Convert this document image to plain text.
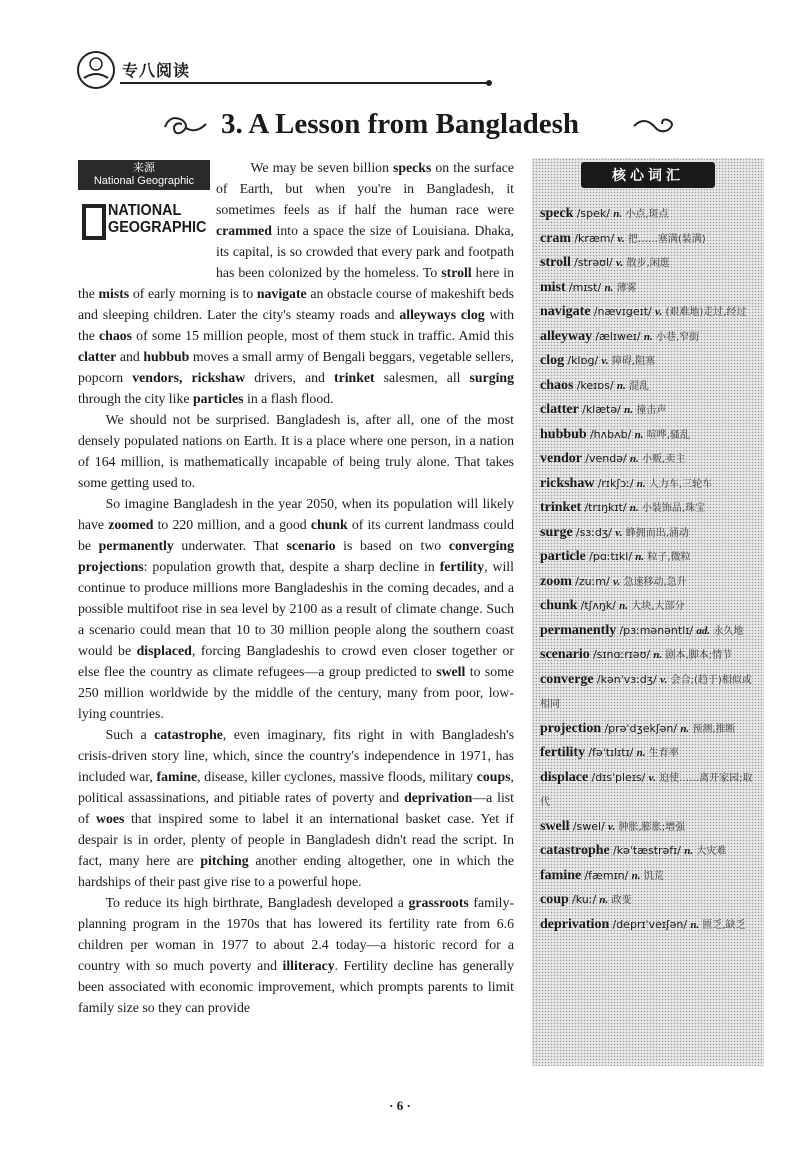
专八阅读
3. A Lesson from Bangladesh

We may be seven billion specks on the surface of Earth, but when you're in Bangladesh, it sometimes feels as if half the human race were crammed into a space the size of Louisiana. Dhaka, its capital, is so crowded that every park and footpath has been colonized by the homeless. To stroll here in the mists of early morning is to navigate an obstacle course of makeshift beds and sleeping children. Later the city's steamy roads and alleyways clog with the chaos of some 15 million people, most of them stuck in traffic. Amid this clatter and hubbub moves a small army of Bengali beggars, vegetable sellers, popcorn vendors, rickshaw drivers, and trinket salesmen, all surging through the city like particles in a flash flood.

We should not be surprised. Bangladesh is, after all, one of the most densely populated nations on Earth. It is a place where one person, in a nation of 164 million, is mathematically incapable of being truly alone. That takes some getting used to.

So imagine Bangladesh in the year 2050, when its population will likely have zoomed to 220 million, and a good chunk of its current landmass could be permanently underwater. That scenario is based on two converging projections: population growth that, despite a sharp decline in fertility, will continue to produce millions more Bangladeshis in the coming decades, and a possible multifoot rise in sea level by 2100 as a result of climate change. Such a scenario could mean that 10 to 30 million people along the southern coast would be displaced, forcing Bangladeshis to crowd even closer together or else flee the country as climate refugees—a group predicted to swell to some 250 million worldwide by the middle of the century, many from poor, low-lying countries.

Such a catastrophe, even imaginary, fits right in with Bangladesh's crisis-driven story line, which, since the country's independence in 1971, has included war, famine, disease, killer cyclones, massive floods, military coups, political assassinations, and pitiable rates of poverty and deprivation—a list of woes that inspired some to label it an international basket case. Yet if despair is in order, plenty of people in Bangladesh didn't read the script. In fact, many here are pitching another ending altogether, one in which the hardships of their past give rise to a powerful hope.

To reduce its high birthrate, Bangladesh developed a grassroots family-planning program in the 1970s that has lowered its fertility rate from 6.6 children per woman in 1977 to about 2.4 today—a historic record for a country with so much poverty and illiteracy. Fertility decline has generally been associated with economic improvement, which prompts parents to limit family size so they can provide

来源
National Geographic
NATIONAL
GEOGRAPHIC
核心词汇
speck /spek/ n. 小点,斑点
cram /kræm/ v. 把……塞满(装满)
stroll /strəʊl/ v. 散步,闲逛
mist /mɪst/ n. 薄雾
navigate /nævɪgeɪt/ v. (艰难地)走过,经过
alleyway /ælɪweɪ/ n. 小巷,窄街
clog /klɒg/ v. 障碍,阻塞
chaos /keɪɒs/ n. 混乱
clatter /klætə/ n. 撞击声
hubbub /hʌbʌb/ n. 喧哗,骚乱
vendor /vendə/ n. 小贩,卖主
rickshaw /rɪkʃɔː/ n. 人力车,三轮车
trinket /trɪŋkɪt/ n. 小装饰品,珠宝
surge /sɜːdʒ/ v. 蜂拥而出,涌动
particle /pɑːtɪkl/ n. 粒子,微粒
zoom /zuːm/ v. 急速移动,急升
chunk /tʃʌŋk/ n. 大块,大部分
permanently /pɜːmənəntlɪ/ ad. 永久地
scenario /sɪnɑːrɪəʊ/ n. 剧本,脚本;情节
converge /kənˈvɜːdʒ/ v. 会合;(趋于)相似或相同
projection /prəˈdʒekʃən/ n. 预测,推断
fertility /fəˈtɪlɪtɪ/ n. 生育率
displace /dɪsˈpleɪs/ v. 迫使……离开家园;取代
swell /swel/ v. 肿胀,膨胀;增强
catastrophe /kəˈtæstrəfɪ/ n. 大灾难
famine /fæmɪn/ n. 饥荒
coup /kuː/ n. 政变
deprivation /deprɪˈveɪʃən/ n. 匮乏,缺乏
· 6 ·
